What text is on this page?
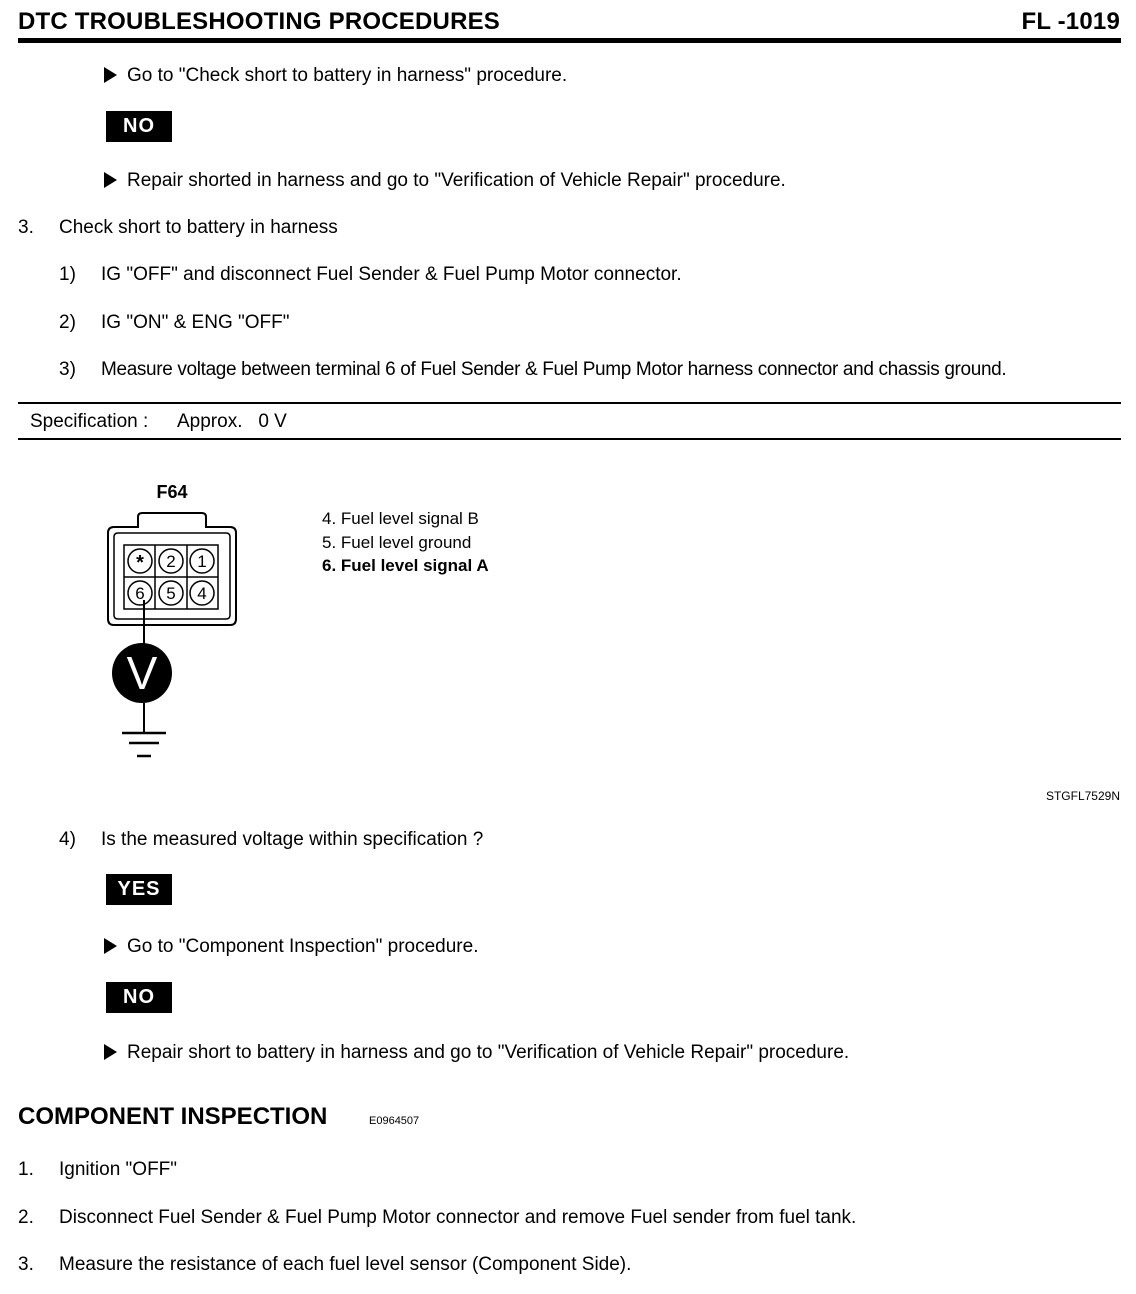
DTC TROUBLESHOOTING PROCEDURES	FL -1019
Go to "Check short to battery in harness" procedure.
NO
Repair shorted in harness and go to "Verification of Vehicle Repair" procedure.
3. Check short to battery in harness
1) IG "OFF" and disconnect Fuel Sender & Fuel Pump Motor connector.
2) IG "ON" & ENG "OFF"
3) Measure voltage between terminal 6 of Fuel Sender & Fuel Pump Motor harness connector and chassis ground.
Specification : Approx.   0 V
F64
* 2 1
6 5 4
V
4. Fuel level signal B
5. Fuel level ground
6. Fuel level signal A
STGFL7529N
4) Is the measured voltage within specification ?
YES
Go to "Component Inspection" procedure.
NO
Repair short to battery in harness and go to "Verification of Vehicle Repair" procedure.
COMPONENT INSPECTION	E0964507
1. Ignition "OFF"
2. Disconnect Fuel Sender & Fuel Pump Motor connector and remove Fuel sender from fuel tank.
3. Measure the resistance of each fuel level sensor (Component Side).
